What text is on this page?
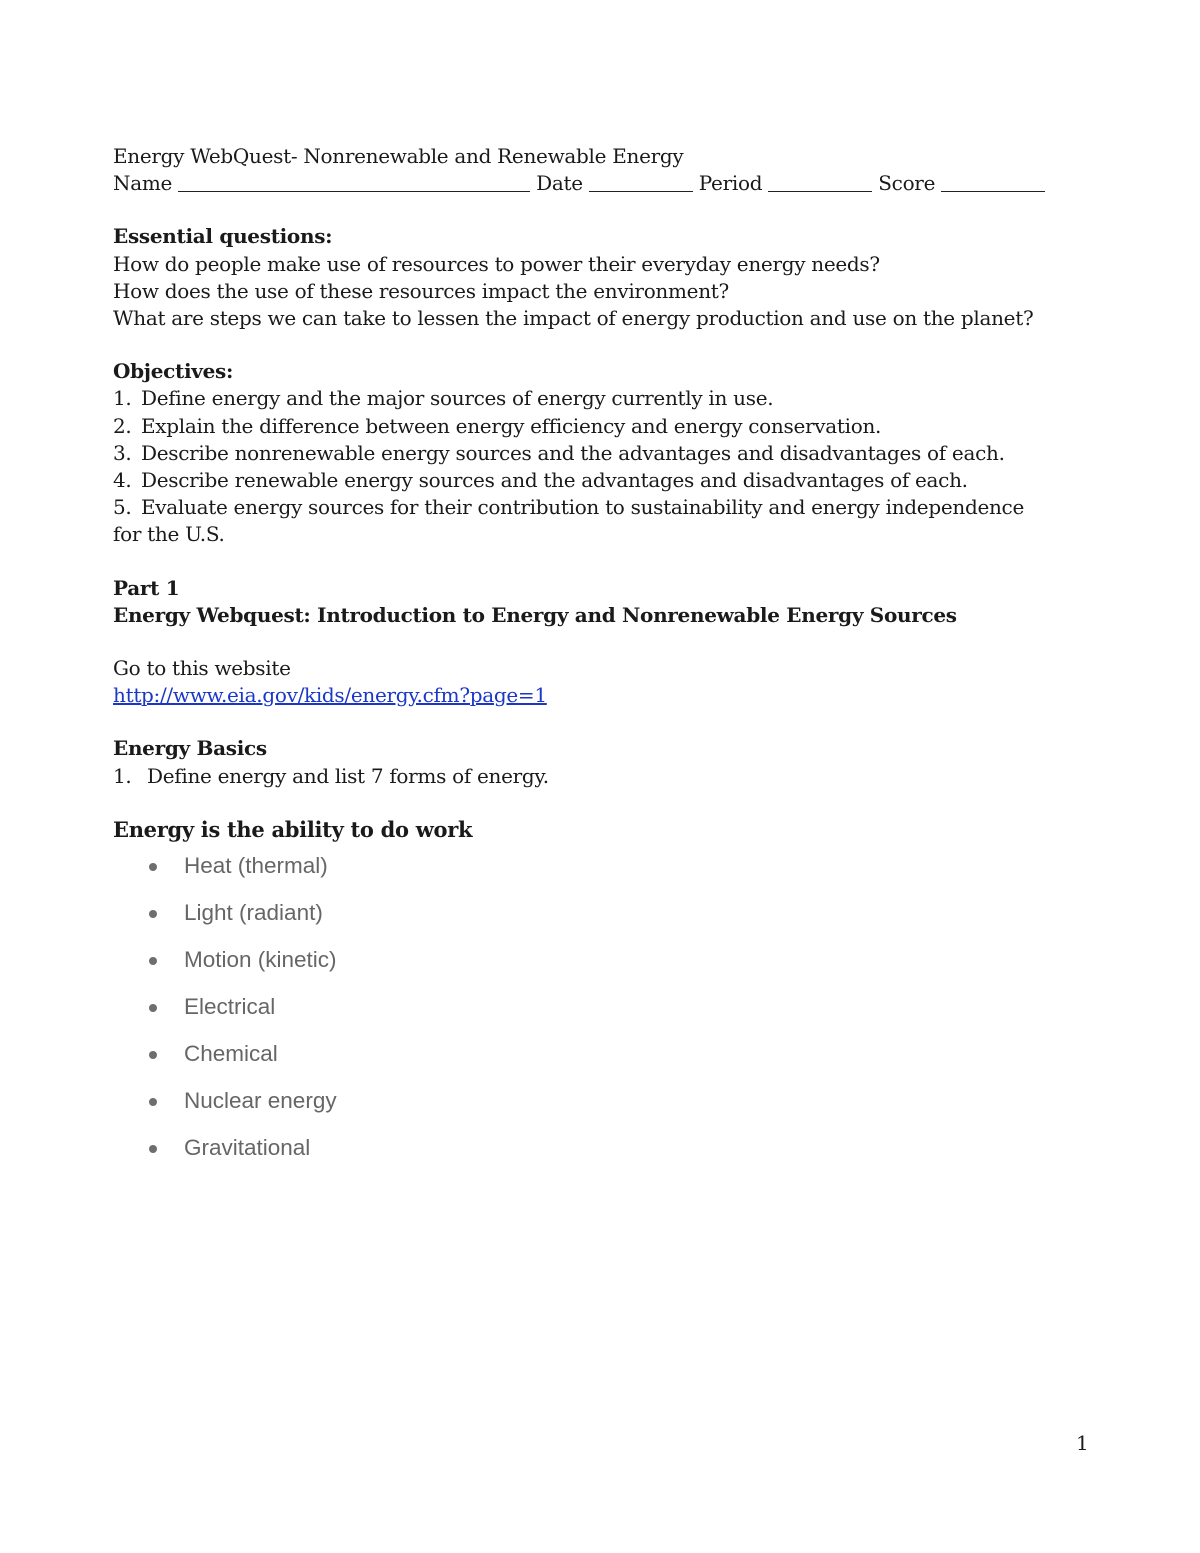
Energy WebQuest- Nonrenewable and Renewable Energy
Name	Date	Period	Score
Essential questions:
How do people make use of resources to power their everyday energy needs?
How does the use of these resources impact the environment?
What are steps we can take to lessen the impact of energy production and use on the planet?
Objectives:
1. Define energy and the major sources of energy currently in use.
2. Explain the difference between energy efficiency and energy conservation.
3. Describe nonrenewable energy sources and the advantages and disadvantages of each.
4. Describe renewable energy sources and the advantages and disadvantages of each.
5. Evaluate energy sources for their contribution to sustainability and energy independence for the U.S.
Part 1
Energy Webquest: Introduction to Energy and Nonrenewable Energy Sources
Go to this website
http://www.eia.gov/kids/energy.cfm?page=1
Energy Basics
1. Define energy and list 7 forms of energy.
Energy is the ability to do work
Heat (thermal)
Light (radiant)
Motion (kinetic)
Electrical
Chemical
Nuclear energy
Gravitational
1
